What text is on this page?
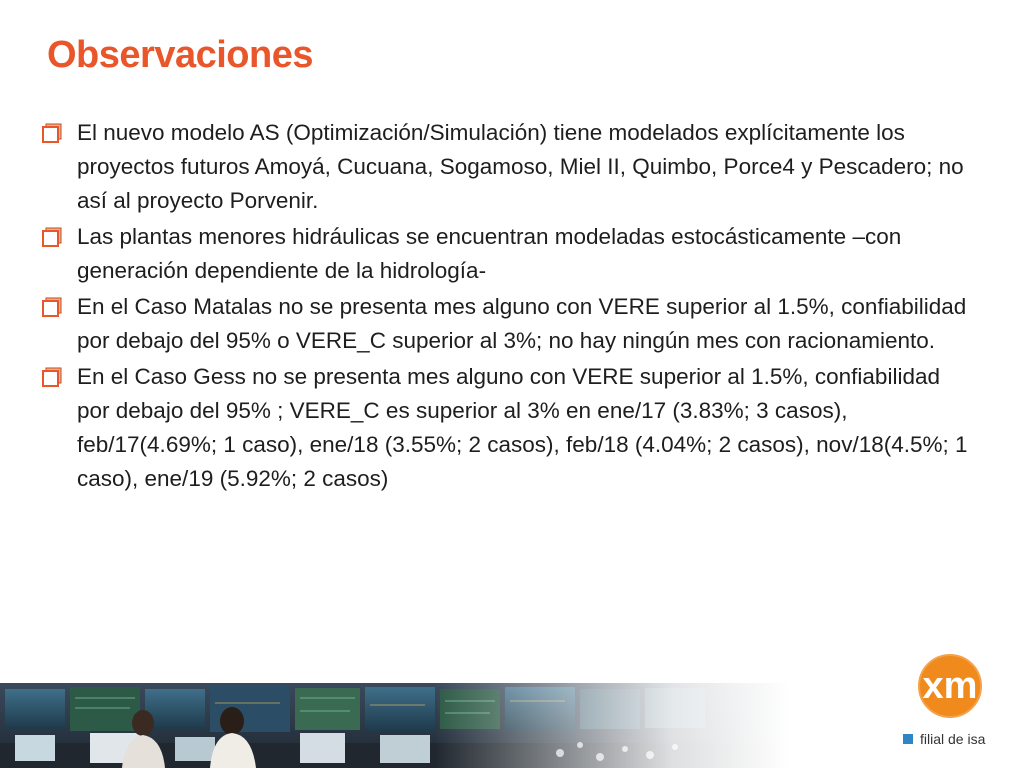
Observaciones
El nuevo modelo AS (Optimización/Simulación) tiene modelados explícitamente los proyectos futuros Amoyá, Cucuana, Sogamoso, Miel II, Quimbo, Porce4 y Pescadero; no así al proyecto Porvenir.
Las plantas menores hidráulicas se encuentran modeladas estocásticamente –con generación dependiente de la hidrología-
En el Caso Matalas no se presenta mes alguno con VERE superior al 1.5%, confiabilidad por debajo del 95% o VERE_C superior al 3%; no hay ningún mes con racionamiento.
En el Caso Gess no se presenta mes alguno con VERE superior al 1.5%, confiabilidad por debajo del 95% ; VERE_C es superior al 3% en ene/17 (3.83%; 3 casos), feb/17(4.69%; 1 caso), ene/18 (3.55%; 2 casos), feb/18 (4.04%; 2 casos), nov/18(4.5%; 1 caso), ene/19 (5.92%; 2 casos)
xm
filial de isa
